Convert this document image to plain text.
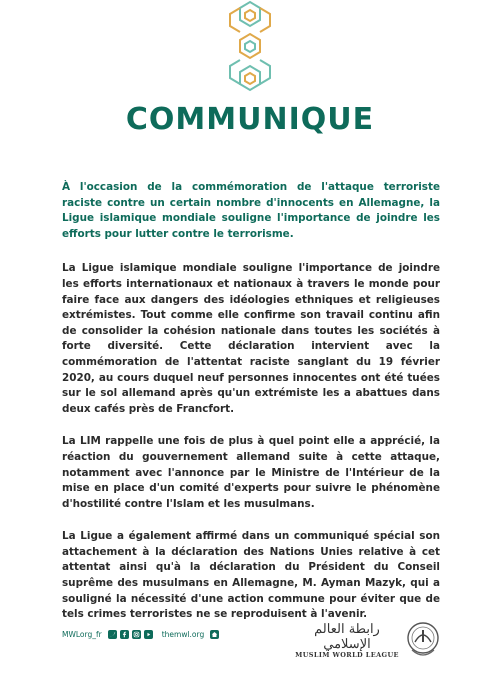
COMMUNIQUE

À l'occasion de la commémoration de l'attaque terroriste raciste contre un certain nombre d'innocents en Allemagne, la Ligue islamique mondiale souligne l'importance de joindre les efforts pour lutter contre le terrorisme.

La Ligue islamique mondiale souligne l'importance de joindre les efforts internationaux et nationaux à travers le monde pour faire face aux dangers des idéologies ethniques et religieuses extrémistes. Tout comme elle confirme son travail continu afin de consolider la cohésion nationale dans toutes les sociétés à forte diversité. Cette déclaration intervient avec la commémoration de l'attentat raciste sanglant du 19 février 2020, au cours duquel neuf personnes innocentes ont été tuées sur le sol allemand après qu'un extrémiste les a abattues dans deux cafés près de Francfort.

La LIM rappelle une fois de plus à quel point elle a apprécié, la réaction du gouvernement allemand suite à cette attaque, notamment avec l'annonce par le Ministre de l'Intérieur de la mise en place d'un comité d'experts pour suivre le phénomène d'hostilité contre l'Islam et les musulmans.

La Ligue a également affirmé dans un communiqué spécial son attachement à la déclaration des Nations Unies relative à cet attentat ainsi qu'à la déclaration du Président du Conseil suprême des musulmans en Allemagne, M. Ayman Mazyk, qui a souligné la nécessité d'une action commune pour éviter que de tels crimes terroristes ne se reproduisent à l'avenir.

MWLorg_fr	themwl.org	رابطة العالم الإسلامي
MUSLIM WORLD LEAGUE
